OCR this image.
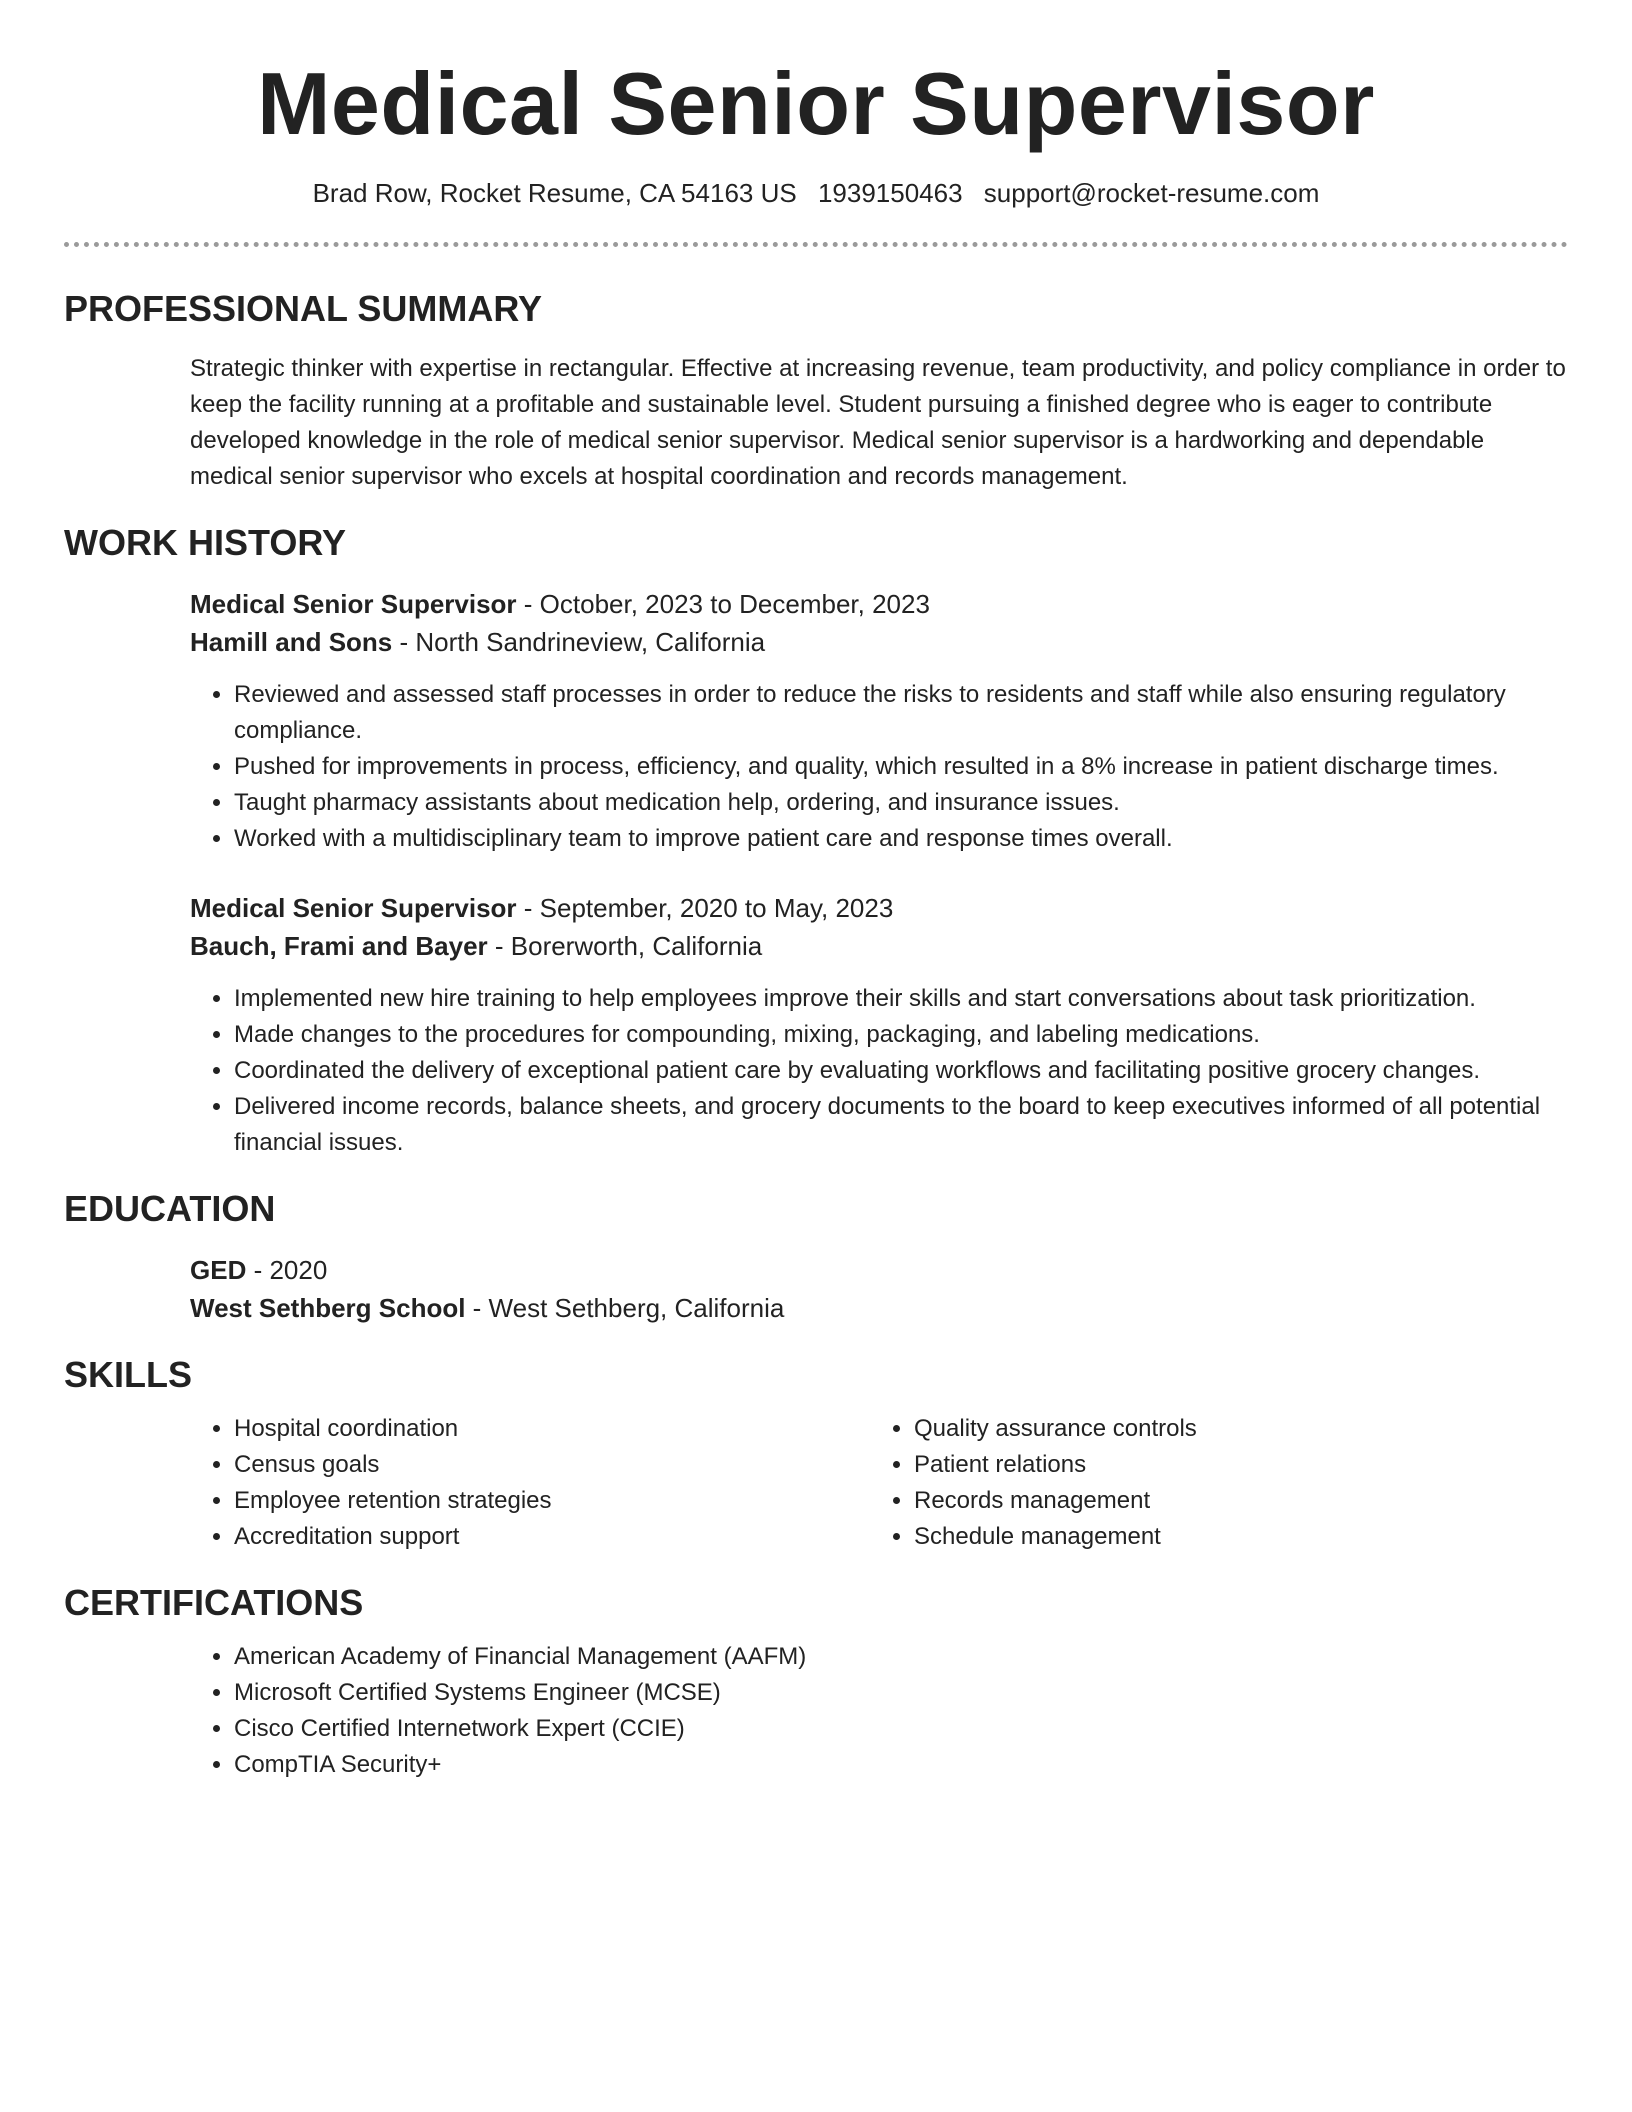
Medical Senior Supervisor
Brad Row, Rocket Resume, CA 54163 US 1939150463 support@rocket-resume.com
PROFESSIONAL SUMMARY

Strategic thinker with expertise in rectangular. Effective at increasing revenue, team productivity, and policy compliance in order to keep the facility running at a profitable and sustainable level. Student pursuing a finished degree who is eager to contribute developed knowledge in the role of medical senior supervisor. Medical senior supervisor is a hardworking and dependable medical senior supervisor who excels at hospital coordination and records management.

WORK HISTORY
Medical Senior Supervisor - October, 2023 to December, 2023
Hamill and Sons - North Sandrineview, California
• Reviewed and assessed staff processes in order to reduce the risks to residents and staff while also ensuring regulatory compliance.
• Pushed for improvements in process, efficiency, and quality, which resulted in a 8% increase in patient discharge times.
• Taught pharmacy assistants about medication help, ordering, and insurance issues.
• Worked with a multidisciplinary team to improve patient care and response times overall.
Medical Senior Supervisor - September, 2020 to May, 2023
Bauch, Frami and Bayer - Borerworth, California
• Implemented new hire training to help employees improve their skills and start conversations about task prioritization.
• Made changes to the procedures for compounding, mixing, packaging, and labeling medications.
• Coordinated the delivery of exceptional patient care by evaluating workflows and facilitating positive grocery changes.
• Delivered income records, balance sheets, and grocery documents to the board to keep executives informed of all potential financial issues.
EDUCATION
GED - 2020
West Sethberg School - West Sethberg, California
SKILLS
• Hospital coordination
• Census goals
• Employee retention strategies
• Accreditation support
• Quality assurance controls
• Patient relations
• Records management
• Schedule management
CERTIFICATIONS
• American Academy of Financial Management (AAFM)
• Microsoft Certified Systems Engineer (MCSE)
• Cisco Certified Internetwork Expert (CCIE)
• CompTIA Security+
